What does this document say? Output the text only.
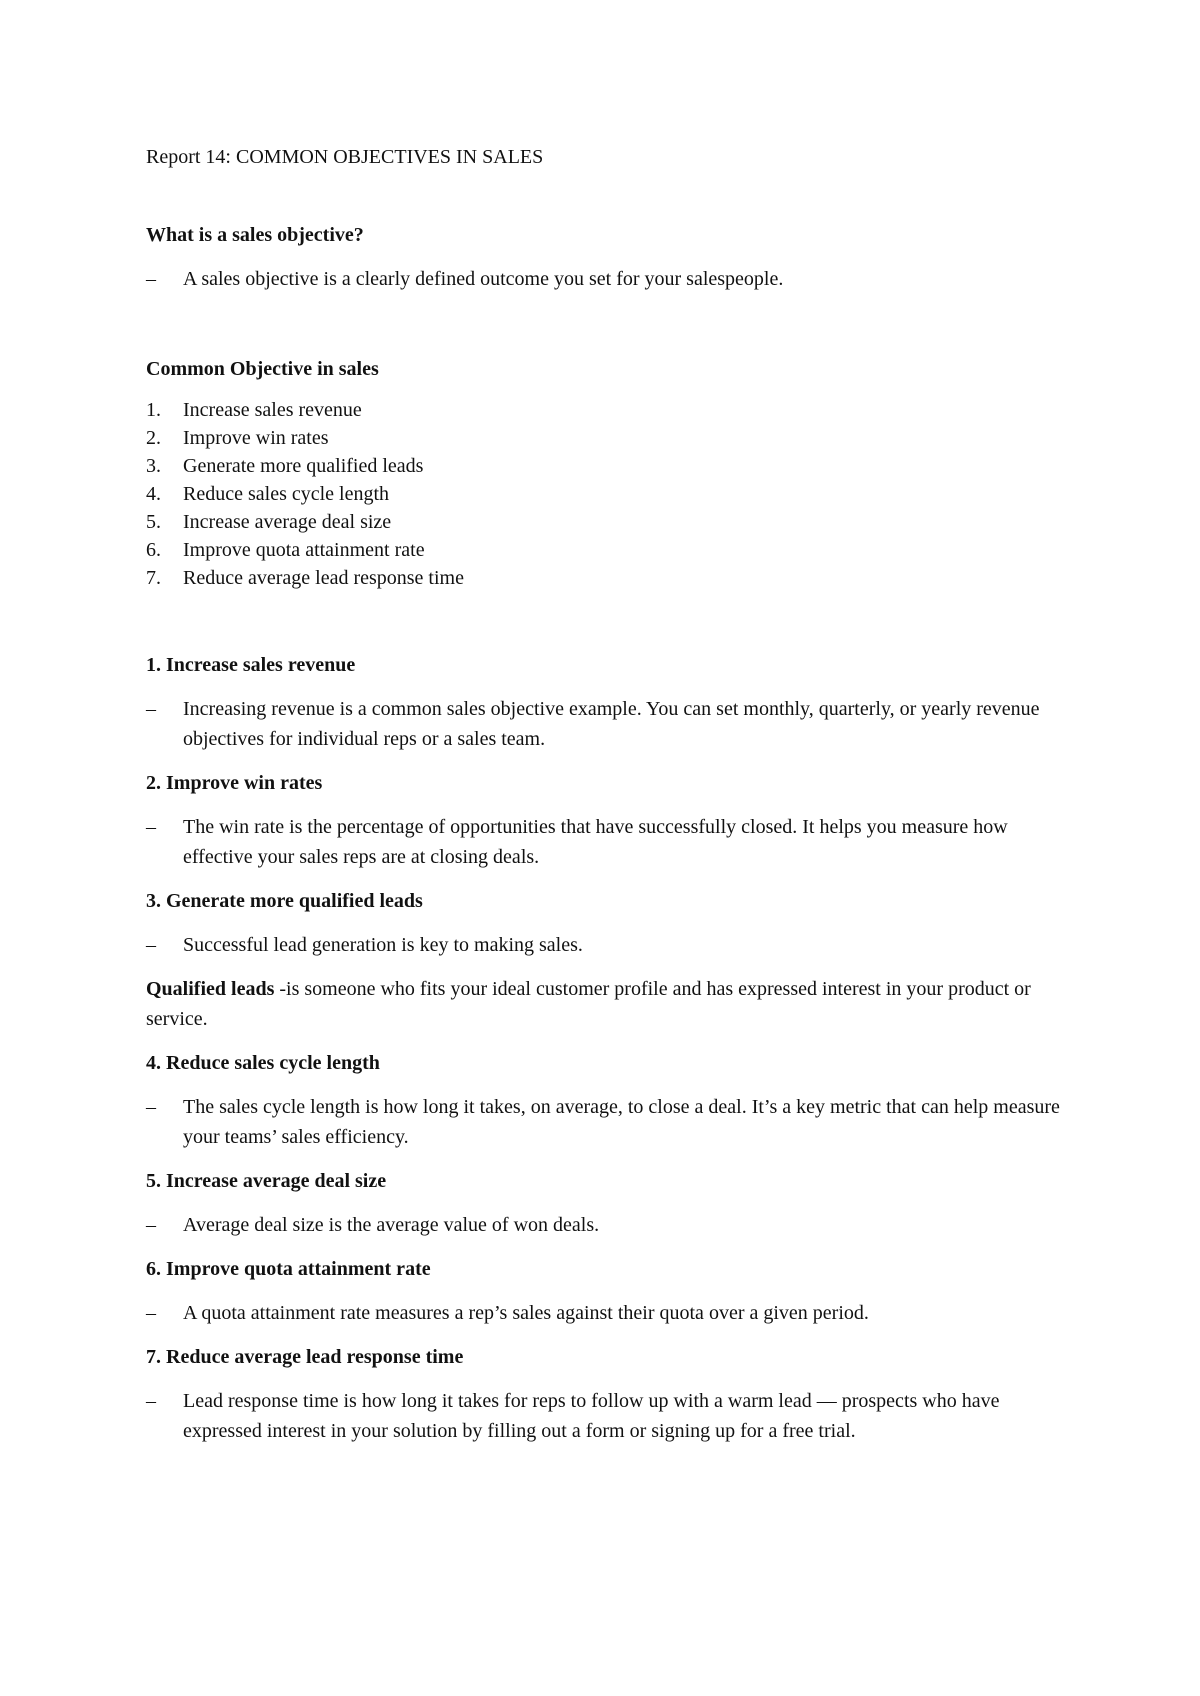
Report 14: COMMON OBJECTIVES IN SALES

What is a sales objective?

–	A sales objective is a clearly defined outcome you set for your salespeople.

Common Objective in sales

1.	Increase sales revenue
2.	Improve win rates
3.	Generate more qualified leads
4.	Reduce sales cycle length
5.	Increase average deal size
6.	Improve quota attainment rate
7.	Reduce average lead response time

1. Increase sales revenue

–	Increasing revenue is a common sales objective example. You can set monthly, quarterly, or yearly revenue objectives for individual reps or a sales team.

2. Improve win rates

–	The win rate is the percentage of opportunities that have successfully closed. It helps you measure how effective your sales reps are at closing deals.

3. Generate more qualified leads

–	Successful lead generation is key to making sales.

Qualified leads -is someone who fits your ideal customer profile and has expressed interest in your product or service.

4. Reduce sales cycle length

–	The sales cycle length is how long it takes, on average, to close a deal. It’s a key metric that can help measure your teams’ sales efficiency.

5. Increase average deal size

–	Average deal size is the average value of won deals.

6. Improve quota attainment rate

–	A quota attainment rate measures a rep’s sales against their quota over a given period.

7. Reduce average lead response time

–	Lead response time is how long it takes for reps to follow up with a warm lead — prospects who have expressed interest in your solution by filling out a form or signing up for a free trial.
